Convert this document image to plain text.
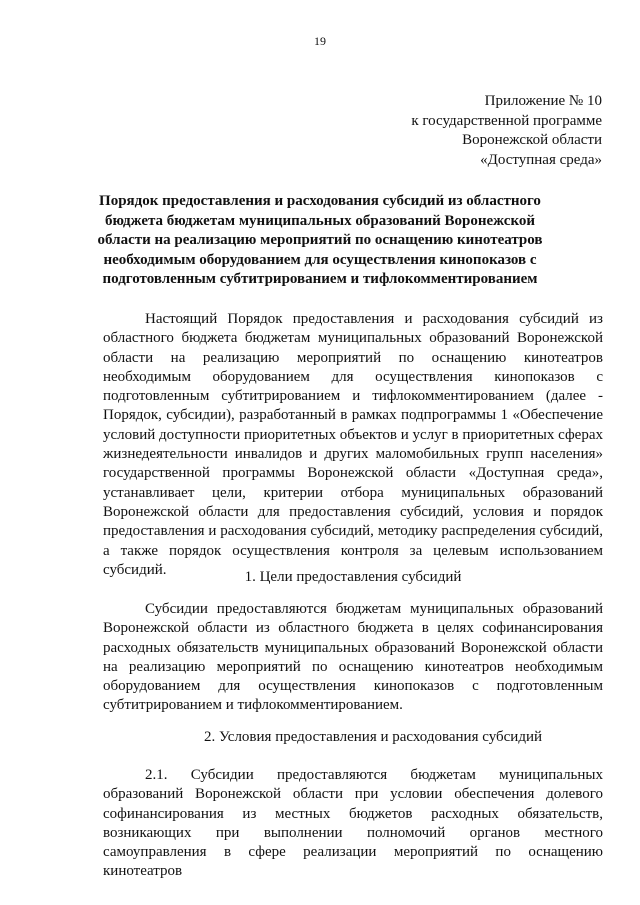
19
Приложение № 10
к государственной программе
Воронежской области
«Доступная среда»
Порядок предоставления и расходования субсидий из областного бюджета бюджетам муниципальных образований Воронежской области на реализацию мероприятий по оснащению кинотеатров необходимым оборудованием для осуществления кинопоказов с подготовленным субтитрированием и тифлокомментированием

Настоящий Порядок предоставления и расходования субсидий из областного бюджета бюджетам муниципальных образований Воронежской области на реализацию мероприятий по оснащению кинотеатров необходимым оборудованием для осуществления кинопоказов с подготовленным субтитрированием и тифлокомментированием (далее - Порядок, субсидии), разработанный в рамках подпрограммы 1 «Обеспечение условий доступности приоритетных объектов и услуг в приоритетных сферах жизнедеятельности инвалидов и других маломобильных групп населения» государственной программы Воронежской области «Доступная среда», устанавливает цели, критерии отбора муниципальных образований Воронежской области для предоставления субсидий, условия и порядок предоставления и расходования субсидий, методику распределения субсидий, а также порядок осуществления контроля за целевым использованием субсидий.	1. Цели предоставления субсидий

Субсидии предоставляются бюджетам муниципальных образований Воронежской области из областного бюджета в целях софинансирования расходных обязательств муниципальных образований Воронежской области на реализацию мероприятий по оснащению кинотеатров необходимым оборудованием для осуществления кинопоказов с подготовленным субтитрированием и тифлокомментированием.

2. Условия предоставления и расходования субсидий

2.1. Субсидии предоставляются бюджетам муниципальных образований Воронежской области при условии обеспечения долевого софинансирования из местных бюджетов расходных обязательств, возникающих при выполнении полномочий органов местного самоуправления в сфере реализации мероприятий по оснащению кинотеатров
